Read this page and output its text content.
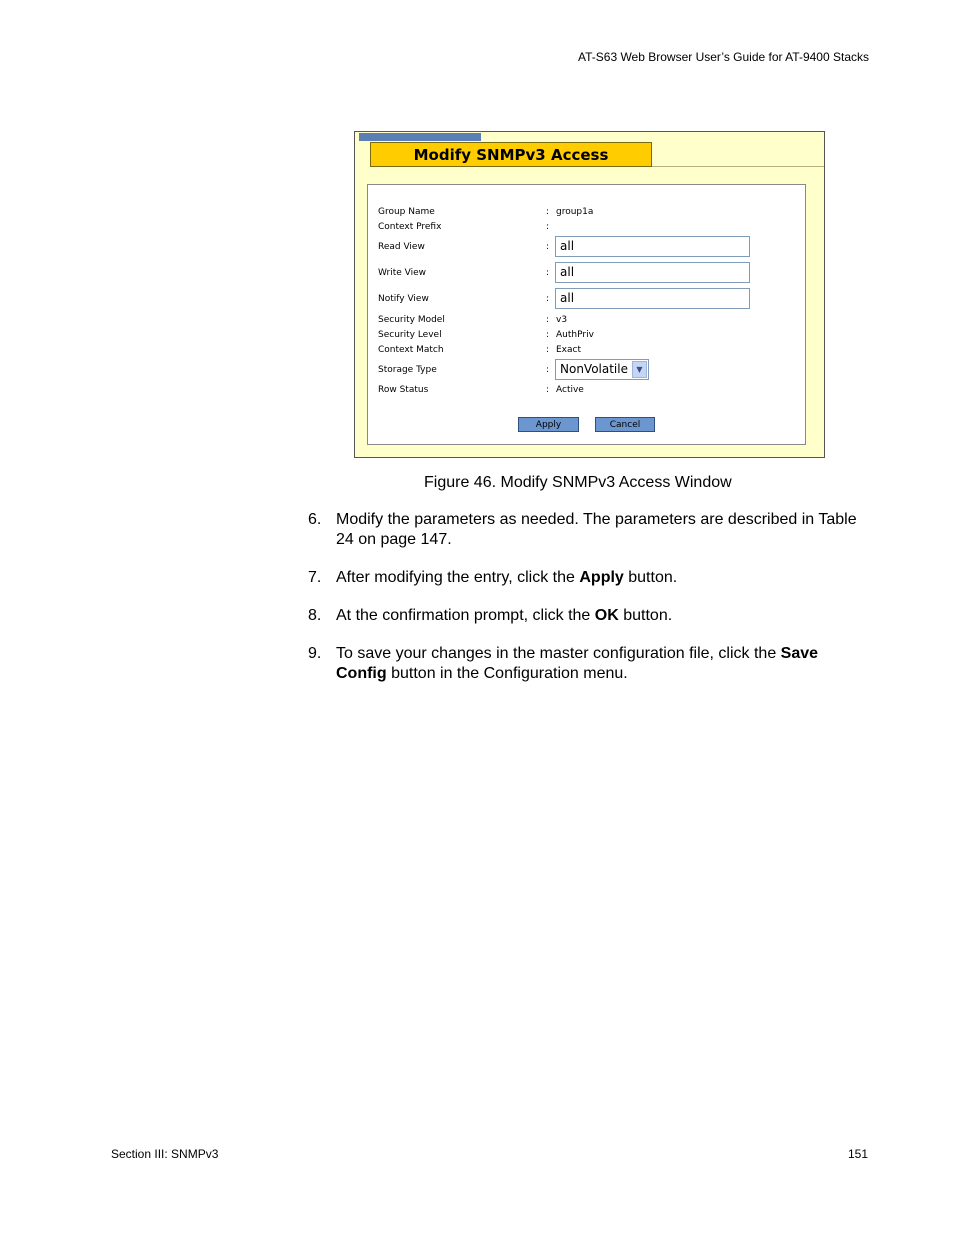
AT-S63 Web Browser User’s Guide for AT-9400 Stacks
Modify SNMPv3 Access
Group Name	: group1a
Context Prefix	:
Read View	: all
Write View	: all
Notify View	: all
Security Model	: v3
Security Level	: AuthPriv
Context Match	: Exact
Storage Type	: NonVolatile	▼
Row Status	: Active
Apply	Cancel
Figure 46. Modify SNMPv3 Access Window
6. Modify the parameters as needed. The parameters are described in Table 24 on page 147.
7. After modifying the entry, click the Apply button.
8. At the confirmation prompt, click the OK button.
9. To save your changes in the master configuration file, click the Save Config button in the Configuration menu.
Section III: SNMPv3	151
